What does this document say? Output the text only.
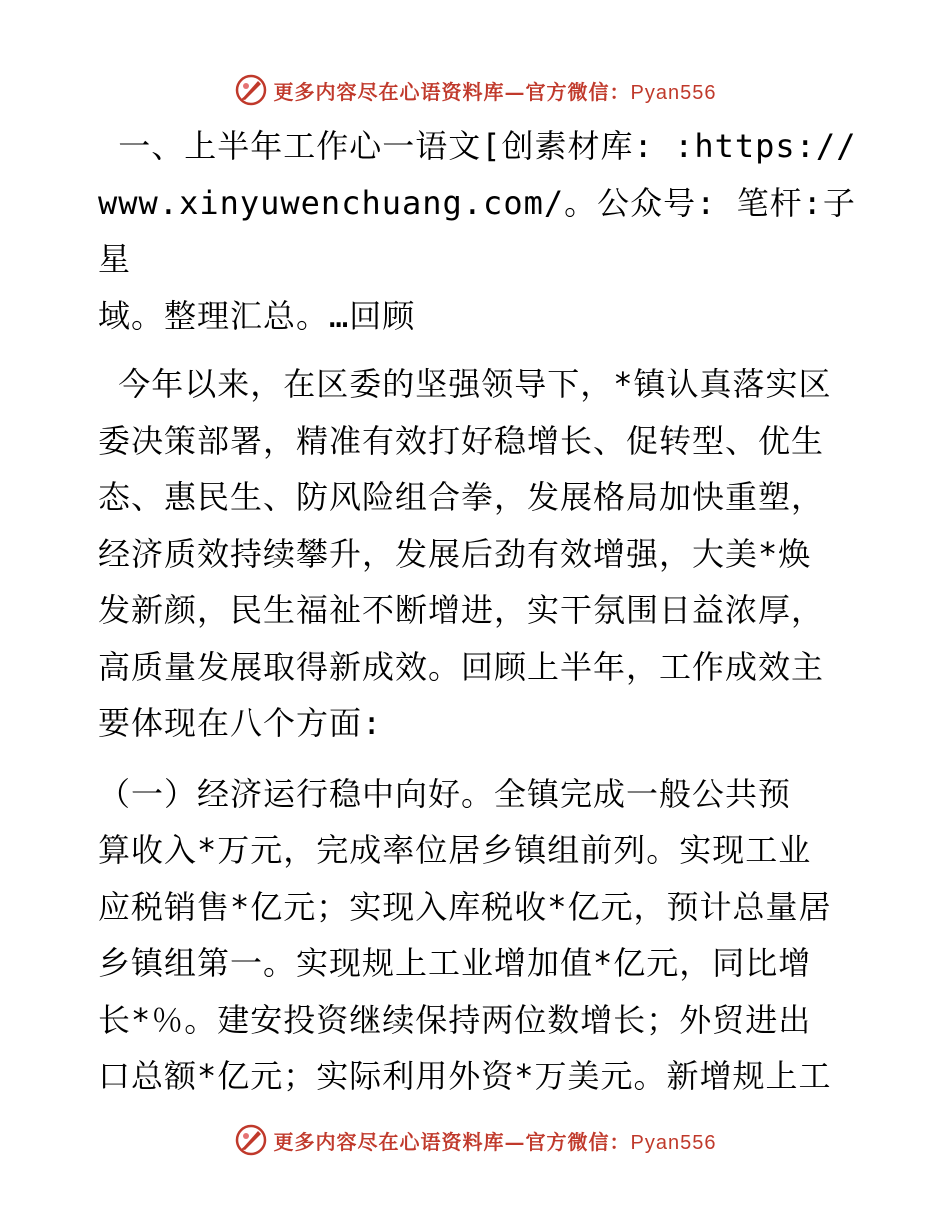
更多内容尽在心语资料库—官方微信：Pyan556

一、上半年工作心一语文[创素材库: :https://

www.xinyuwenchuang.com/。公众号: 笔杆:子星

域。整理汇总。…回顾

今年以来，在区委的坚强领导下，*镇认真落实区

委决策部署，精准有效打好稳增长、促转型、优生

态、惠民生、防风险组合拳，发展格局加快重塑，

经济质效持续攀升，发展后劲有效增强，大美*焕

发新颜，民生福祉不断增进，实干氛围日益浓厚，

高质量发展取得新成效。回顾上半年，工作成效主

要体现在八个方面:

（一）经济运行稳中向好。全镇完成一般公共预

算收入*万元，完成率位居乡镇组前列。实现工业

应税销售*亿元；实现入库税收*亿元，预计总量居

乡镇组第一。实现规上工业增加值*亿元，同比增

长*％。建安投资继续保持两位数增长；外贸进出

口总额*亿元；实际利用外资*万美元。新增规上工

更多内容尽在心语资料库—官方微信：Pyan556
